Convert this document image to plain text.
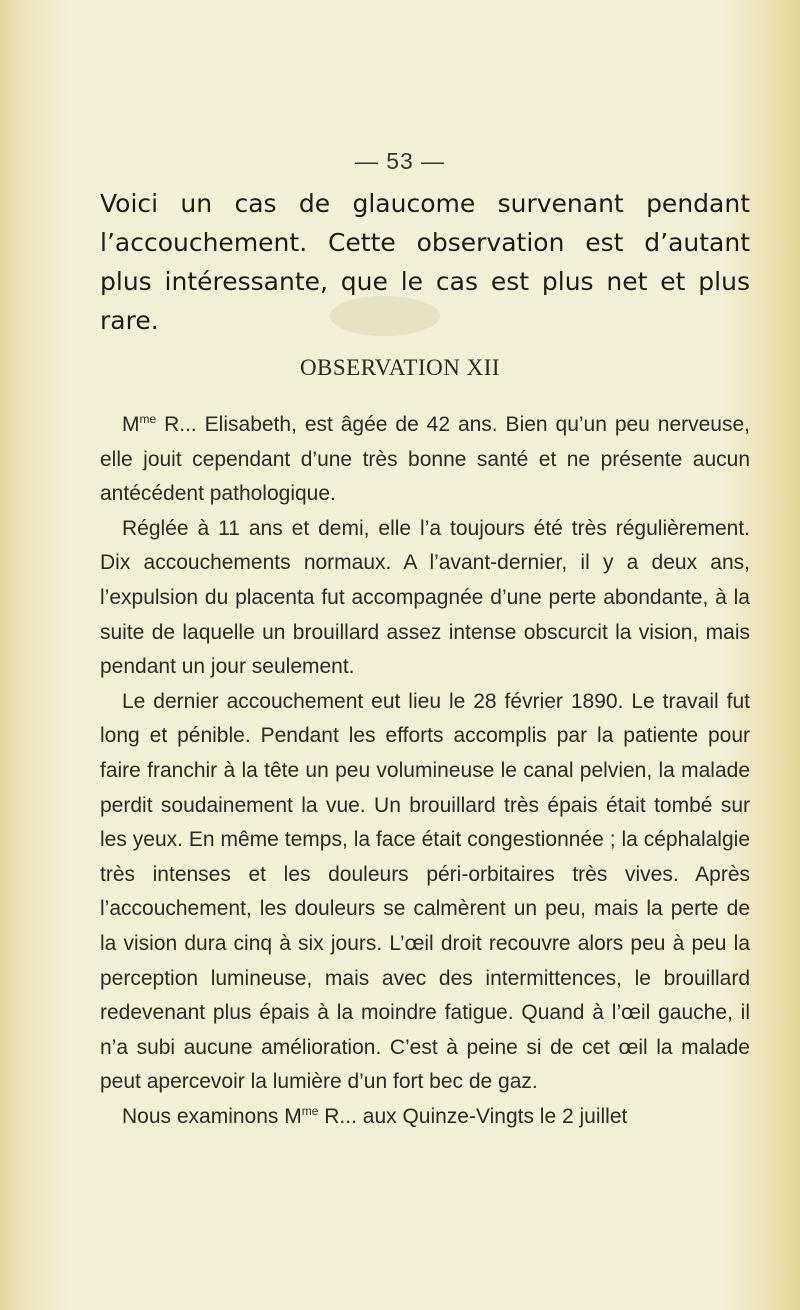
— 53 —

Voici un cas de glaucome survenant pendant l’accouchement. Cette observation est d’autant plus intéressante, que le cas est plus net et plus rare.

OBSERVATION XII

$M^{me}$ R... Elisabeth, est âgée de 42 ans. Bien qu’un peu nerveuse, elle jouit cependant d’une très bonne santé et ne présente aucun antécédent pathologique.

Réglée à 11 ans et demi, elle l’a toujours été très régulièrement. Dix accouchements normaux. A l’avant-dernier, il y a deux ans, l’expulsion du placenta fut accompagnée d’une perte abondante, à la suite de laquelle un brouillard assez intense obscurcit la vision, mais pendant un jour seulement.

Le dernier accouchement eut lieu le 28 février 1890. Le travail fut long et pénible. Pendant les efforts accomplis par la patiente pour faire franchir à la tête un peu volumineuse le canal pelvien, la malade perdit soudainement la vue. Un brouillard très épais était tombé sur les yeux. En même temps, la face était congestionnée ; la céphalalgie très intenses et les douleurs péri-orbitaires très vives. Après l’accouchement, les douleurs se calmèrent un peu, mais la perte de la vision dura cinq à six jours. L’œil droit recouvre alors peu à peu la perception lumineuse, mais avec des intermittences, le brouillard redevenant plus épais à la moindre fatigue. Quand à l’œil gauche, il n’a subi aucune amélioration. C’est à peine si de cet œil la malade peut apercevoir la lumière d’un fort bec de gaz.

Nous examinons $M^{me}$ R... aux Quinze-Vingts le 2 juillet
